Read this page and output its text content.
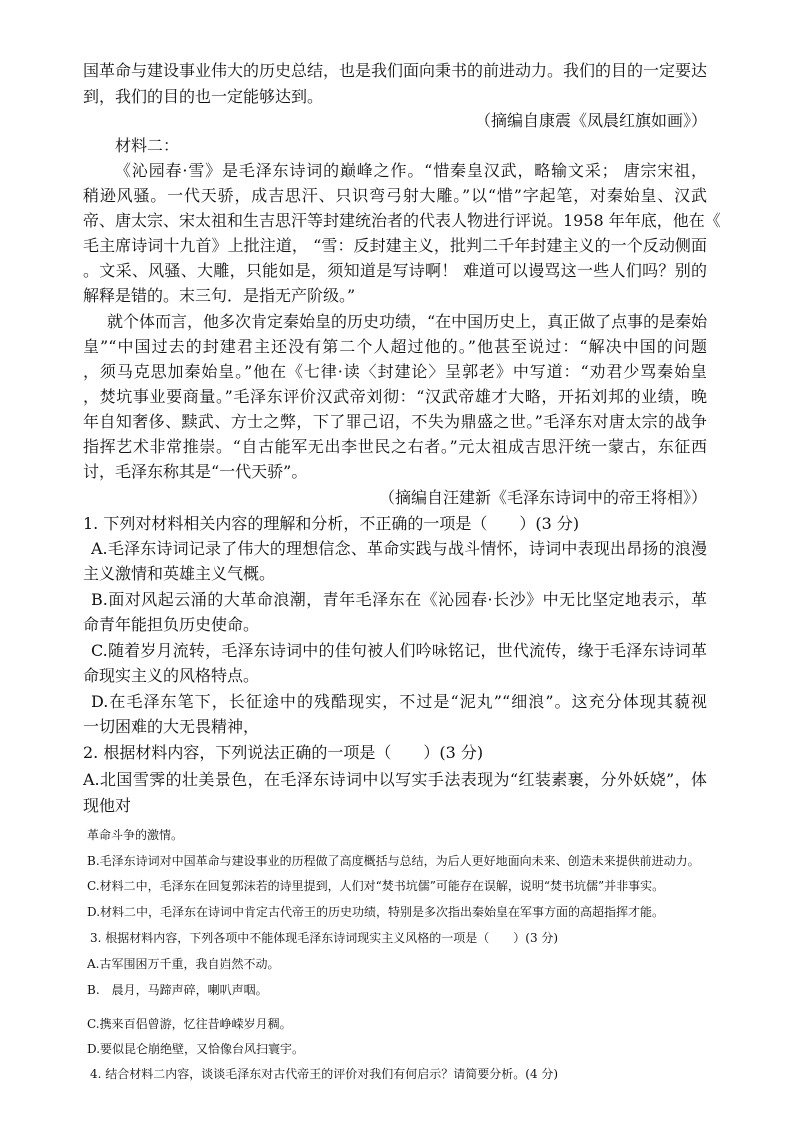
国革命与建设事业伟大的历史总结，也是我们面向秉书的前进动力。我们的目的一定要达
到，我们的目的也一定能够达到。
（摘编自康震《凤晨红旗如画》）
材料二：
《沁园春·雪》是毛泽东诗词的巅峰之作。“惜秦皇汉武，略输文采； 唐宗宋祖，
稍逊风骚。一代天骄，成吉思汗、只识弯弓射大雕。”以“惜”字起笔，对秦始皇、汉武
帝、唐太宗、宋太祖和生吉思汗等封建统治者的代表人物进行评说。1958 年年底，他在《
毛主席诗词十九首》上批注道， “雪：反封建主义，批判二千年封建主义的一个反动侧面
。文采、风骚、大雕，只能如是，须知道是写诗啊！ 难道可以谩骂这一些人们吗？别的
解释是错的。末三句．是指无产阶级。”
就个体而言，他多次肯定秦始皇的历史功绩，“在中国历史上，真正做了点事的是秦始
皇”“中国过去的封建君主还没有第二个人超过他的。”他甚至说过：“解决中国的问题
，须马克思加秦始皇。”他在《七律·读〈封建论〉呈郭老》中写道：“劝君少骂秦始皇
，焚坑事业要商量。”毛泽东评价汉武帝刘彻：“汉武帝雄才大略，开拓刘邦的业绩，晚
年自知奢侈、黩武、方士之弊，下了罪己诏，不失为鼎盛之世。”毛泽东对唐太宗的战争
指挥艺术非常推崇。“自古能军无出李世民之右者。”元太祖成吉思汗统一蒙古，东征西
讨，毛泽东称其是“一代天骄”。
（摘编自汪建新《毛泽东诗词中的帝王将相》）
1. 下列对材料相关内容的理解和分析，不正确的一项是（　　）(3 分)
A.毛泽东诗词记录了伟大的理想信念、革命实践与战斗情怀，诗词中表现出昂扬的浪漫
主义激情和英雄主义气概。
B.面对风起云涌的大革命浪潮，青年毛泽东在《沁园春·长沙》中无比坚定地表示，革
命青年能担负历史使命。
C.随着岁月流转，毛泽东诗词中的佳句被人们吟咏铭记，世代流传，缘于毛泽东诗词革
命现实主义的风格特点。
D.在毛泽东笔下，长征途中的残酷现实，不过是“泥丸”“细浪”。这充分体现其藐视
一切困难的大无畏精神，
2. 根据材料内容，下列说法正确的一项是（　　）(3 分)
A.北国雪霁的壮美景色，在毛泽东诗词中以写实手法表现为“红装素裹，分外妖娆”，体
现他对
革命斗争的激情。
B.毛泽东诗词对中国革命与建设事业的历程做了高度概括与总结，为后人更好地面向未来、创造未来提供前进动力。
C.材料二中，毛泽东在回复郭沫若的诗里提到，人们对“焚书坑儒”可能存在误解，说明“焚书坑儒”并非事实。
D.材料二中，毛泽东在诗词中肯定古代帝王的历史功绩，特别是多次指出秦始皇在军事方面的高超指挥才能。
3. 根据材料内容，下列各项中不能体现毛泽东诗词现实主义风格的一项是（　　）(3 分)
A.古军围困万千重，我自岿然不动。
B.　晨月，马蹄声碎，喇叭声咽。
C.携来百侣曾游，忆往昔峥嵘岁月稠。
D.要似昆仑崩绝壁，又恰像台风扫寰宇。
4. 结合材料二内容，谈谈毛泽东对古代帝王的评价对我们有何启示？请简要分析。(4 分)
